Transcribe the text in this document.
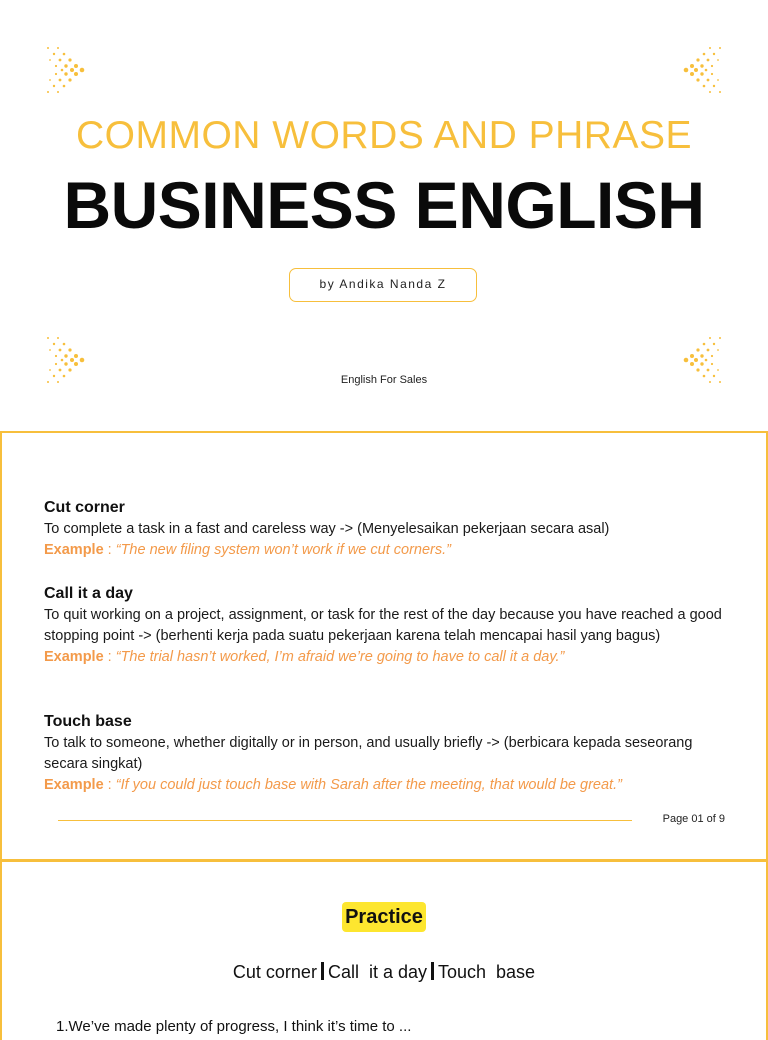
COMMON WORDS AND PHRASE
BUSINESS ENGLISH
by Andika Nanda Z
English For Sales
Cut corner

To complete a task in a fast and careless way -> (Menyelesaikan pekerjaan secara asal)

Example : “The new filing system won’t work if we cut corners.”
Call it a day

To quit working on a project, assignment, or task for the rest of the day because you have reached a good stopping point -> (berhenti kerja pada suatu pekerjaan karena telah mencapai hasil yang bagus)

Example : “The trial hasn’t worked, I’m afraid we’re going to have to call it a day.”
Touch base

To talk to someone, whether digitally or in person, and usually briefly -> (berbicara kepada seseorang secara singkat)

Example : “If you could just touch base with Sarah after the meeting, that would be great.”
Page 01 of 9
Practice
Cut corner Call  it a day Touch  base
1.We’ve made plenty of progress, I think it’s time to ...
